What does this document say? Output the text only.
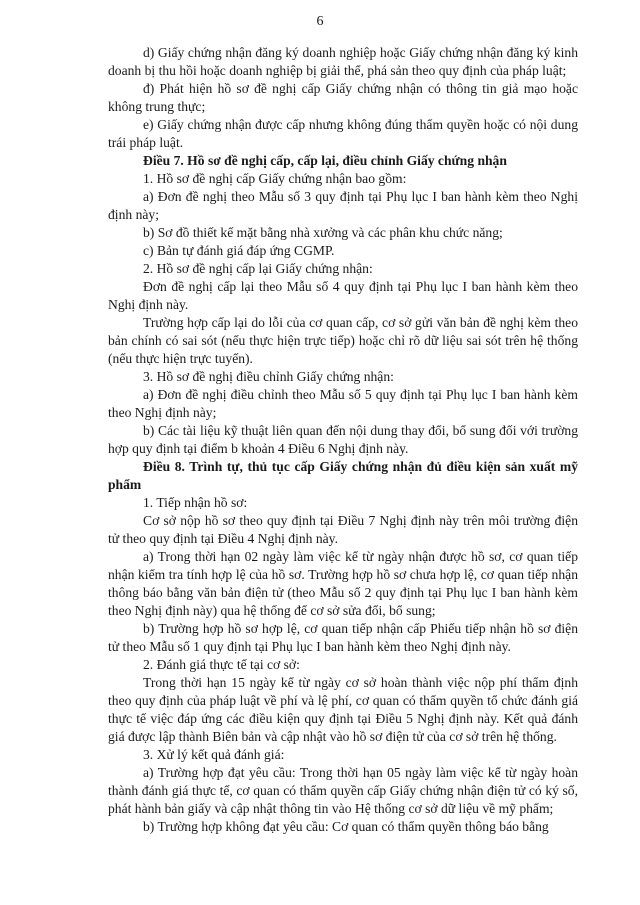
6

d) Giấy chứng nhận đăng ký doanh nghiệp hoặc Giấy chứng nhận đăng ký kinh doanh bị thu hồi hoặc doanh nghiệp bị giải thể, phá sản theo quy định của pháp luật;

đ) Phát hiện hồ sơ đề nghị cấp Giấy chứng nhận có thông tin giả mạo hoặc không trung thực;

e) Giấy chứng nhận được cấp nhưng không đúng thẩm quyền hoặc có nội dung trái pháp luật.

Điều 7. Hồ sơ đề nghị cấp, cấp lại, điều chỉnh Giấy chứng nhận

1. Hồ sơ đề nghị cấp Giấy chứng nhận bao gồm:

a) Đơn đề nghị theo Mẫu số 3 quy định tại Phụ lục I ban hành kèm theo Nghị định này;

b) Sơ đồ thiết kế mặt bằng nhà xưởng và các phân khu chức năng;

c) Bản tự đánh giá đáp ứng CGMP.

2. Hồ sơ đề nghị cấp lại Giấy chứng nhận:

Đơn đề nghị cấp lại theo Mẫu số 4 quy định tại Phụ lục I ban hành kèm theo Nghị định này.

Trường hợp cấp lại do lỗi của cơ quan cấp, cơ sở gửi văn bản đề nghị kèm theo bản chính có sai sót (nếu thực hiện trực tiếp) hoặc chỉ rõ dữ liệu sai sót trên hệ thống (nếu thực hiện trực tuyến).

3. Hồ sơ đề nghị điều chỉnh Giấy chứng nhận:

a) Đơn đề nghị điều chỉnh theo Mẫu số 5 quy định tại Phụ lục I ban hành kèm theo Nghị định này;

b) Các tài liệu kỹ thuật liên quan đến nội dung thay đổi, bổ sung đối với trường hợp quy định tại điểm b khoản 4 Điều 6 Nghị định này.

Điều 8. Trình tự, thủ tục cấp Giấy chứng nhận đủ điều kiện sản xuất mỹ phẩm

1. Tiếp nhận hồ sơ:

Cơ sở nộp hồ sơ theo quy định tại Điều 7 Nghị định này trên môi trường điện tử theo quy định tại Điều 4 Nghị định này.

a) Trong thời hạn 02 ngày làm việc kể từ ngày nhận được hồ sơ, cơ quan tiếp nhận kiểm tra tính hợp lệ của hồ sơ. Trường hợp hồ sơ chưa hợp lệ, cơ quan tiếp nhận thông báo bằng văn bản điện tử (theo Mẫu số 2 quy định tại Phụ lục I ban hành kèm theo Nghị định này) qua hệ thống để cơ sở sửa đổi, bổ sung;

b) Trường hợp hồ sơ hợp lệ, cơ quan tiếp nhận cấp Phiếu tiếp nhận hồ sơ điện tử theo Mẫu số 1 quy định tại Phụ lục I ban hành kèm theo Nghị định này.

2. Đánh giá thực tế tại cơ sở:

Trong thời hạn 15 ngày kể từ ngày cơ sở hoàn thành việc nộp phí thẩm định theo quy định của pháp luật về phí và lệ phí, cơ quan có thẩm quyền tổ chức đánh giá thực tế việc đáp ứng các điều kiện quy định tại Điều 5 Nghị định này. Kết quả đánh giá được lập thành Biên bản và cập nhật vào hồ sơ điện tử của cơ sở trên hệ thống.

3. Xử lý kết quả đánh giá:

a) Trường hợp đạt yêu cầu: Trong thời hạn 05 ngày làm việc kể từ ngày hoàn thành đánh giá thực tế, cơ quan có thẩm quyền cấp Giấy chứng nhận điện tử có ký số, phát hành bản giấy và cập nhật thông tin vào Hệ thống cơ sở dữ liệu về mỹ phẩm;

b) Trường hợp không đạt yêu cầu: Cơ quan có thẩm quyền thông báo bằng
